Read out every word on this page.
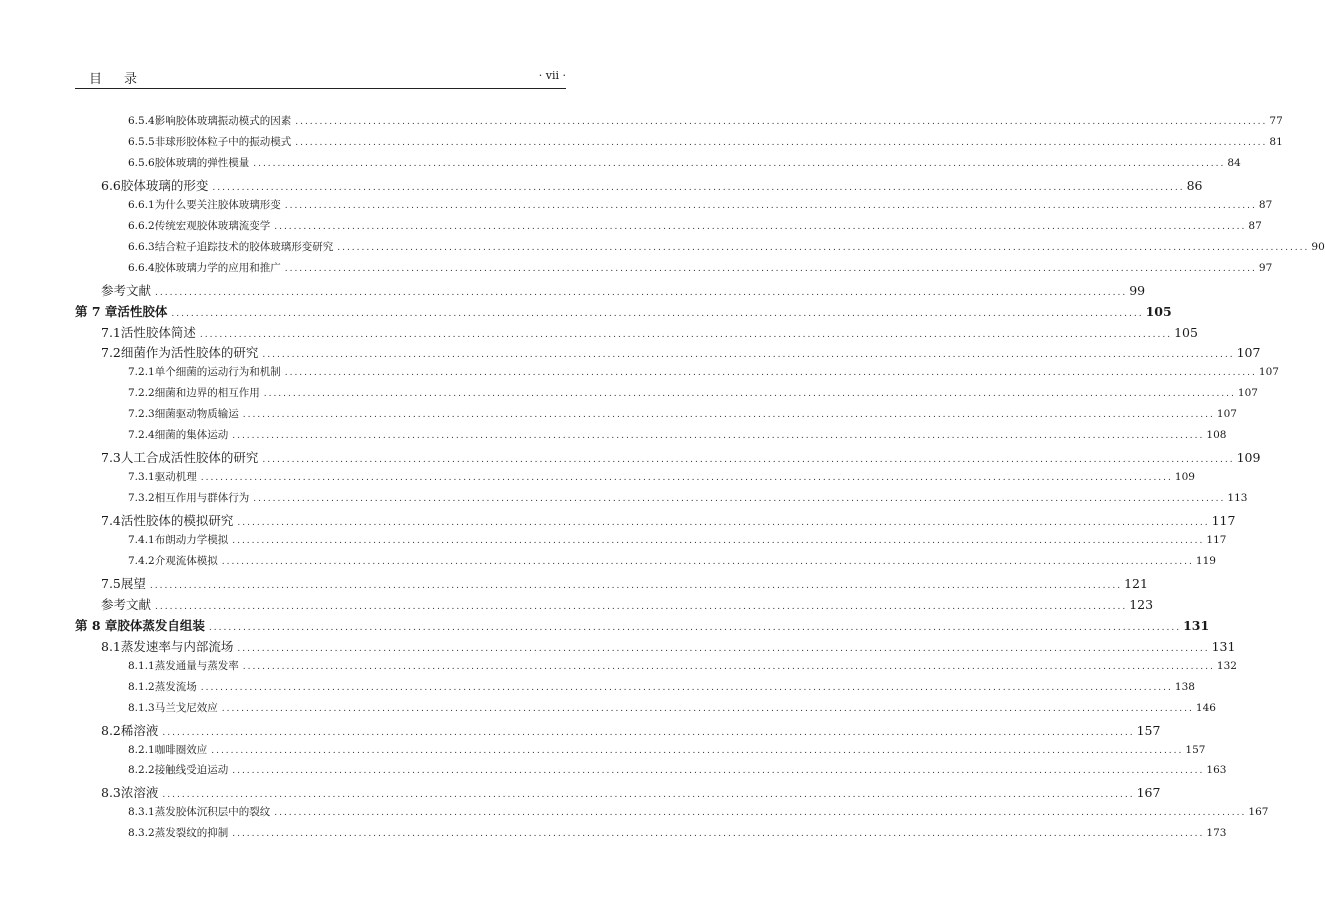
目录	· vii ·
6.5.4 影响胶体玻璃振动模式的因素 ........................................................................................................................................................................................................ 77
6.5.5 非球形胶体粒子中的振动模式 ........................................................................................................................................................................................................ 81
6.5.6 胶体玻璃的弹性模量 ........................................................................................................................................................................................................ 84
6.6 胶体玻璃的形变 ........................................................................................................................................................................................................ 86
6.6.1 为什么要关注胶体玻璃形变 ........................................................................................................................................................................................................ 87
6.6.2 传统宏观胶体玻璃流变学 ........................................................................................................................................................................................................ 87
6.6.3 结合粒子追踪技术的胶体玻璃形变研究 ........................................................................................................................................................................................................ 90
6.6.4 胶体玻璃力学的应用和推广 ........................................................................................................................................................................................................ 97
参考文献 ........................................................................................................................................................................................................ 99
第 7 章 活性胶体 ........................................................................................................................................................................................................ 105
7.1 活性胶体简述 ........................................................................................................................................................................................................ 105
7.2 细菌作为活性胶体的研究 ........................................................................................................................................................................................................ 107
7.2.1 单个细菌的运动行为和机制 ........................................................................................................................................................................................................ 107
7.2.2 细菌和边界的相互作用 ........................................................................................................................................................................................................ 107
7.2.3 细菌驱动物质输运 ........................................................................................................................................................................................................ 107
7.2.4 细菌的集体运动 ........................................................................................................................................................................................................ 108
7.3 人工合成活性胶体的研究 ........................................................................................................................................................................................................ 109
7.3.1 驱动机理 ........................................................................................................................................................................................................ 109
7.3.2 相互作用与群体行为 ........................................................................................................................................................................................................ 113
7.4 活性胶体的模拟研究 ........................................................................................................................................................................................................ 117
7.4.1 布朗动力学模拟 ........................................................................................................................................................................................................ 117
7.4.2 介观流体模拟 ........................................................................................................................................................................................................ 119
7.5 展望 ........................................................................................................................................................................................................ 121
参考文献 ........................................................................................................................................................................................................ 123
第 8 章 胶体蒸发自组装 ........................................................................................................................................................................................................ 131
8.1 蒸发速率与内部流场 ........................................................................................................................................................................................................ 131
8.1.1 蒸发通量与蒸发率 ........................................................................................................................................................................................................ 132
8.1.2 蒸发流场 ........................................................................................................................................................................................................ 138
8.1.3 马兰戈尼效应 ........................................................................................................................................................................................................ 146
8.2 稀溶液 ........................................................................................................................................................................................................ 157
8.2.1 咖啡圈效应 ........................................................................................................................................................................................................ 157
8.2.2 接触线受迫运动 ........................................................................................................................................................................................................ 163
8.3 浓溶液 ........................................................................................................................................................................................................ 167
8.3.1 蒸发胶体沉积层中的裂纹 ........................................................................................................................................................................................................ 167
8.3.2 蒸发裂纹的抑制 ........................................................................................................................................................................................................ 173
